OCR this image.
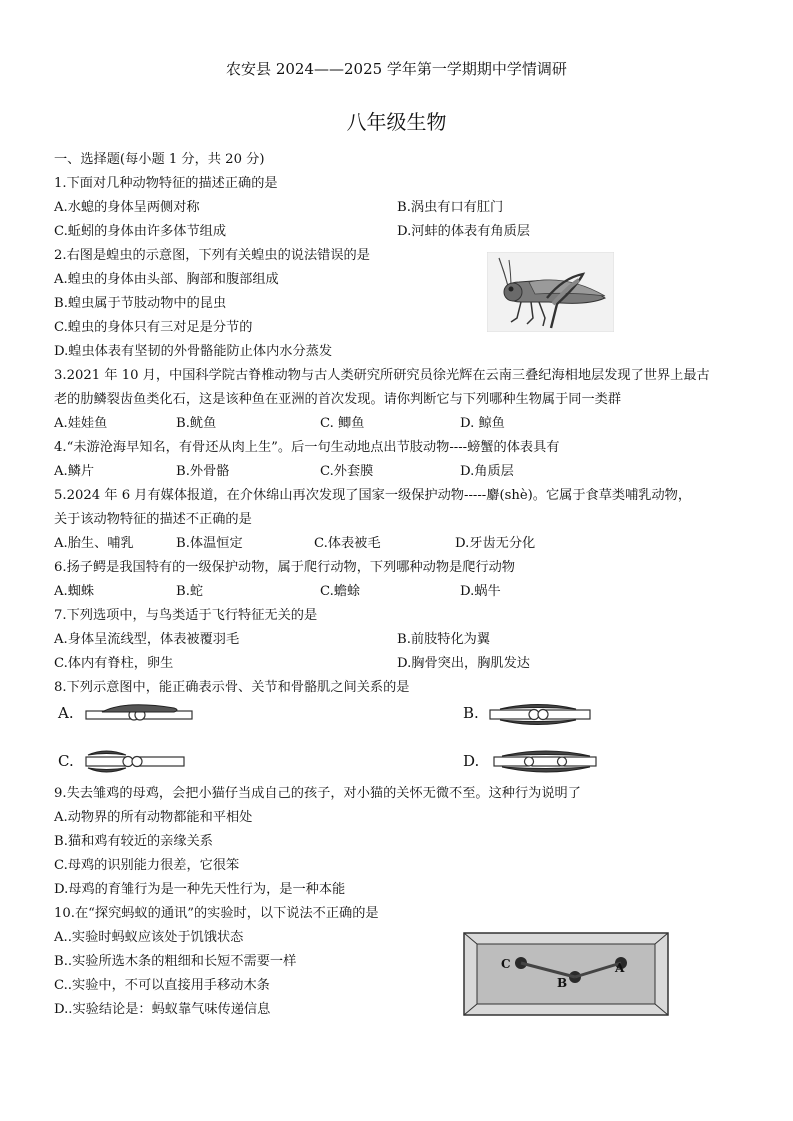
农安县 2024——2025 学年第一学期期中学情调研
八年级生物
一、选择题(每小题 1 分，共 20 分)
1.下面对几种动物特征的描述正确的是
A.水螅的身体呈两侧对称	B.涡虫有口有肛门
C.蚯蚓的身体由许多体节组成	D.河蚌的体表有角质层
2.右图是蝗虫的示意图，下列有关蝗虫的说法错误的是
A.蝗虫的身体由头部、胸部和腹部组成
B.蝗虫属于节肢动物中的昆虫
C.蝗虫的身体只有三对足是分节的
D.蝗虫体表有坚韧的外骨骼能防止体内水分蒸发
3.2021 年 10 月，中国科学院古脊椎动物与古人类研究所研究员徐光辉在云南三叠纪海相地层发现了世界上最古
老的肋鳞裂齿鱼类化石，这是该种鱼在亚洲的首次发现。请你判断它与下列哪种生物属于同一类群
A.娃娃鱼	B.鱿鱼	C. 鲫鱼	D. 鲸鱼
4.“未游沧海早知名，有骨还从肉上生”。后一句生动地点出节肢动物----螃蟹的体表具有
A.鳞片	B.外骨骼	C.外套膜	D.角质层
5.2024 年 6 月有媒体报道，在介休绵山再次发现了国家一级保护动物-----麝(shè)。它属于食草类哺乳动物，
关于该动物特征的描述不正确的是
A.胎生、哺乳	B.体温恒定	C.体表被毛	D.牙齿无分化
6.扬子鳄是我国特有的一级保护动物，属于爬行动物，下列哪种动物是爬行动物
A.蜘蛛	B.蛇	C.蟾蜍	D.蜗牛
7.下列选项中，与鸟类适于飞行特征无关的是
A.身体呈流线型，体表被覆羽毛	B.前肢特化为翼
C.体内有脊柱，卵生	D.胸骨突出，胸肌发达
8.下列示意图中，能正确表示骨、关节和骨骼肌之间关系的是
A.	B.
C.	D.
9.失去雏鸡的母鸡，会把小猫仔当成自己的孩子，对小猫的关怀无微不至。这种行为说明了
A.动物界的所有动物都能和平相处
B.猫和鸡有较近的亲缘关系
C.母鸡的识别能力很差，它很笨
D.母鸡的育雏行为是一种先天性行为，是一种本能
10.在“探究蚂蚁的通讯”的实验时，以下说法不正确的是
A..实验时蚂蚁应该处于饥饿状态
B..实验所选木条的粗细和长短不需要一样
C..实验中，不可以直接用手移动木条
D..实验结论是：蚂蚁靠气味传递信息
C
B
A
